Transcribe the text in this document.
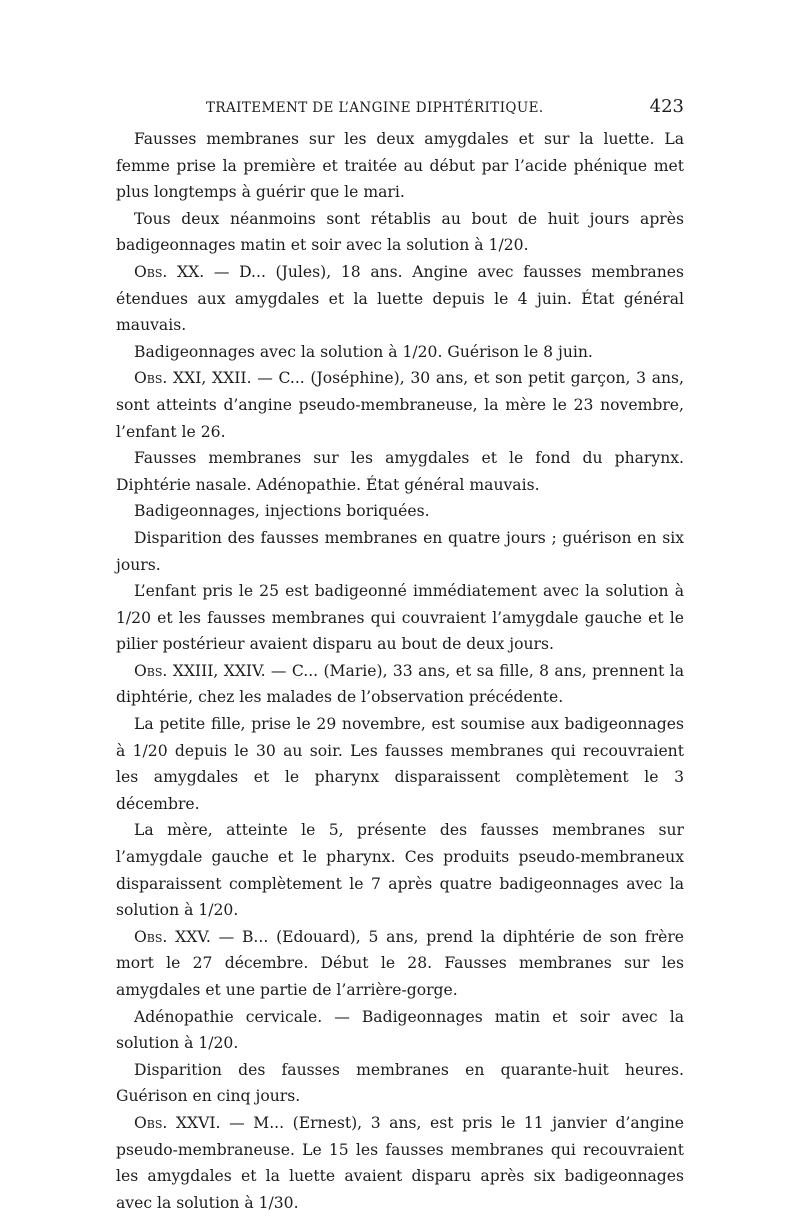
TRAITEMENT DE L’ANGINE DIPHTÉRITIQUE.	423

Fausses membranes sur les deux amygdales et sur la luette. La femme prise la première et traitée au début par l’acide phénique met plus longtemps à guérir que le mari.

Tous deux néanmoins sont rétablis au bout de huit jours après badigeonnages matin et soir avec la solution à 1/20.

Obs. XX. — D... (Jules), 18 ans. Angine avec fausses membranes étendues aux amygdales et la luette depuis le 4 juin. État général mauvais.

Badigeonnages avec la solution à 1/20. Guérison le 8 juin.

Obs. XXI, XXII. — C... (Joséphine), 30 ans, et son petit garçon, 3 ans, sont atteints d’angine pseudo-membraneuse, la mère le 23 novembre, l’enfant le 26.

Fausses membranes sur les amygdales et le fond du pharynx. Diphtérie nasale. Adénopathie. État général mauvais.

Badigeonnages, injections boriquées.

Disparition des fausses membranes en quatre jours ; guérison en six jours.

L’enfant pris le 25 est badigeonné immédiatement avec la solution à 1/20 et les fausses membranes qui couvraient l’amygdale gauche et le pilier postérieur avaient disparu au bout de deux jours.

Obs. XXIII, XXIV. — C... (Marie), 33 ans, et sa fille, 8 ans, prennent la diphtérie, chez les malades de l’observation précédente.

La petite fille, prise le 29 novembre, est soumise aux badigeonnages à 1/20 depuis le 30 au soir. Les fausses membranes qui recouvraient les amygdales et le pharynx disparaissent complètement le 3 décembre.

La mère, atteinte le 5, présente des fausses membranes sur l’amygdale gauche et le pharynx. Ces produits pseudo-membraneux disparaissent complètement le 7 après quatre badigeonnages avec la solution à 1/20.

Obs. XXV. — B... (Edouard), 5 ans, prend la diphtérie de son frère mort le 27 décembre. Début le 28. Fausses membranes sur les amygdales et une partie de l’arrière-gorge.

Adénopathie cervicale. — Badigeonnages matin et soir avec la solution à 1/20.

Disparition des fausses membranes en quarante-huit heures. Guérison en cinq jours.

Obs. XXVI. — M... (Ernest), 3 ans, est pris le 11 janvier d’angine pseudo-membraneuse. Le 15 les fausses membranes qui recouvraient les amygdales et la luette avaient disparu après six badigeonnages avec la solution à 1/30.
